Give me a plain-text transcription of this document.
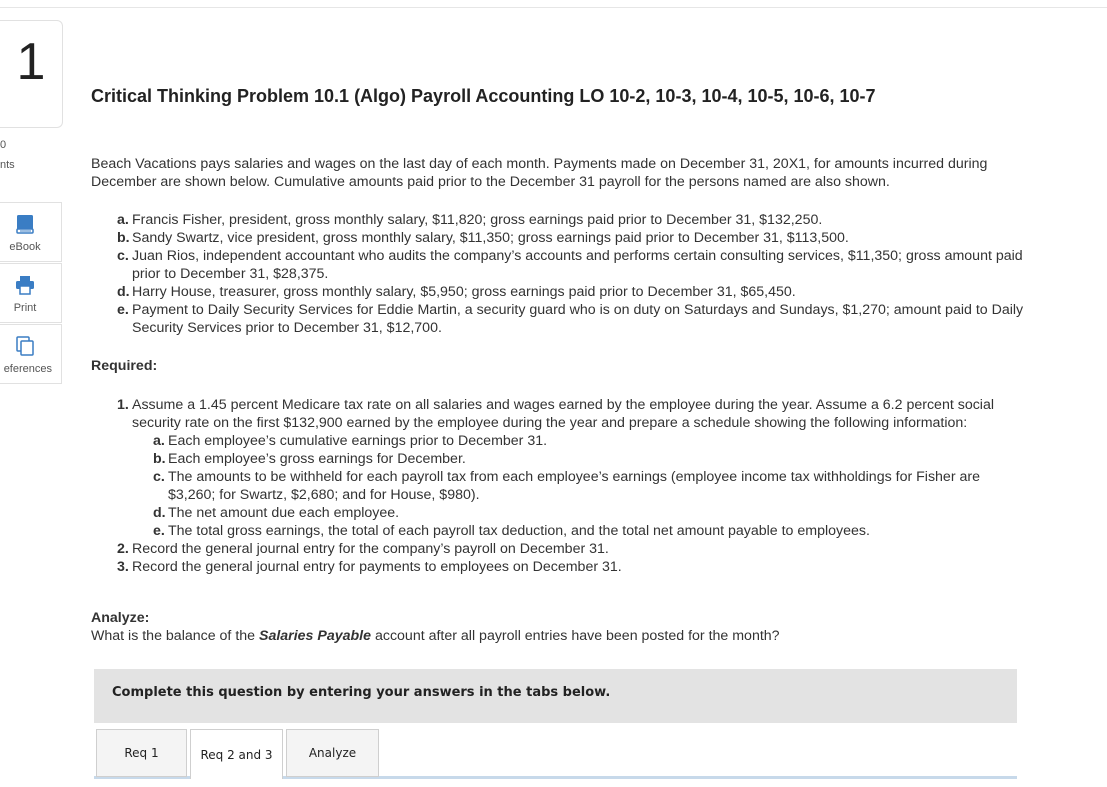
1
0
nts
eBook
Print
eferences
Critical Thinking Problem 10.1 (Algo) Payroll Accounting LO 10-2, 10-3, 10-4, 10-5, 10-6, 10-7
Beach Vacations pays salaries and wages on the last day of each month. Payments made on December 31, 20X1, for amounts incurred during December are shown below. Cumulative amounts paid prior to the December 31 payroll for the persons named are also shown.
a. Francis Fisher, president, gross monthly salary, $11,820; gross earnings paid prior to December 31, $132,250.
b. Sandy Swartz, vice president, gross monthly salary, $11,350; gross earnings paid prior to December 31, $113,500.
c. Juan Rios, independent accountant who audits the company’s accounts and performs certain consulting services, $11,350; gross amount paid prior to December 31, $28,375.
d. Harry House, treasurer, gross monthly salary, $5,950; gross earnings paid prior to December 31, $65,450.
e. Payment to Daily Security Services for Eddie Martin, a security guard who is on duty on Saturdays and Sundays, $1,270; amount paid to Daily Security Services prior to December 31, $12,700.
Required:
1. Assume a 1.45 percent Medicare tax rate on all salaries and wages earned by the employee during the year. Assume a 6.2 percent social security rate on the first $132,900 earned by the employee during the year and prepare a schedule showing the following information:
a. Each employee’s cumulative earnings prior to December 31.
b. Each employee’s gross earnings for December.
c. The amounts to be withheld for each payroll tax from each employee’s earnings (employee income tax withholdings for Fisher are $3,260; for Swartz, $2,680; and for House, $980).
d. The net amount due each employee.
e. The total gross earnings, the total of each payroll tax deduction, and the total net amount payable to employees.
2. Record the general journal entry for the company’s payroll on December 31.
3. Record the general journal entry for payments to employees on December 31.
Analyze:
What is the balance of the Salaries Payable account after all payroll entries have been posted for the month?
Complete this question by entering your answers in the tabs below.
Req 1	Req 2 and 3	Analyze
